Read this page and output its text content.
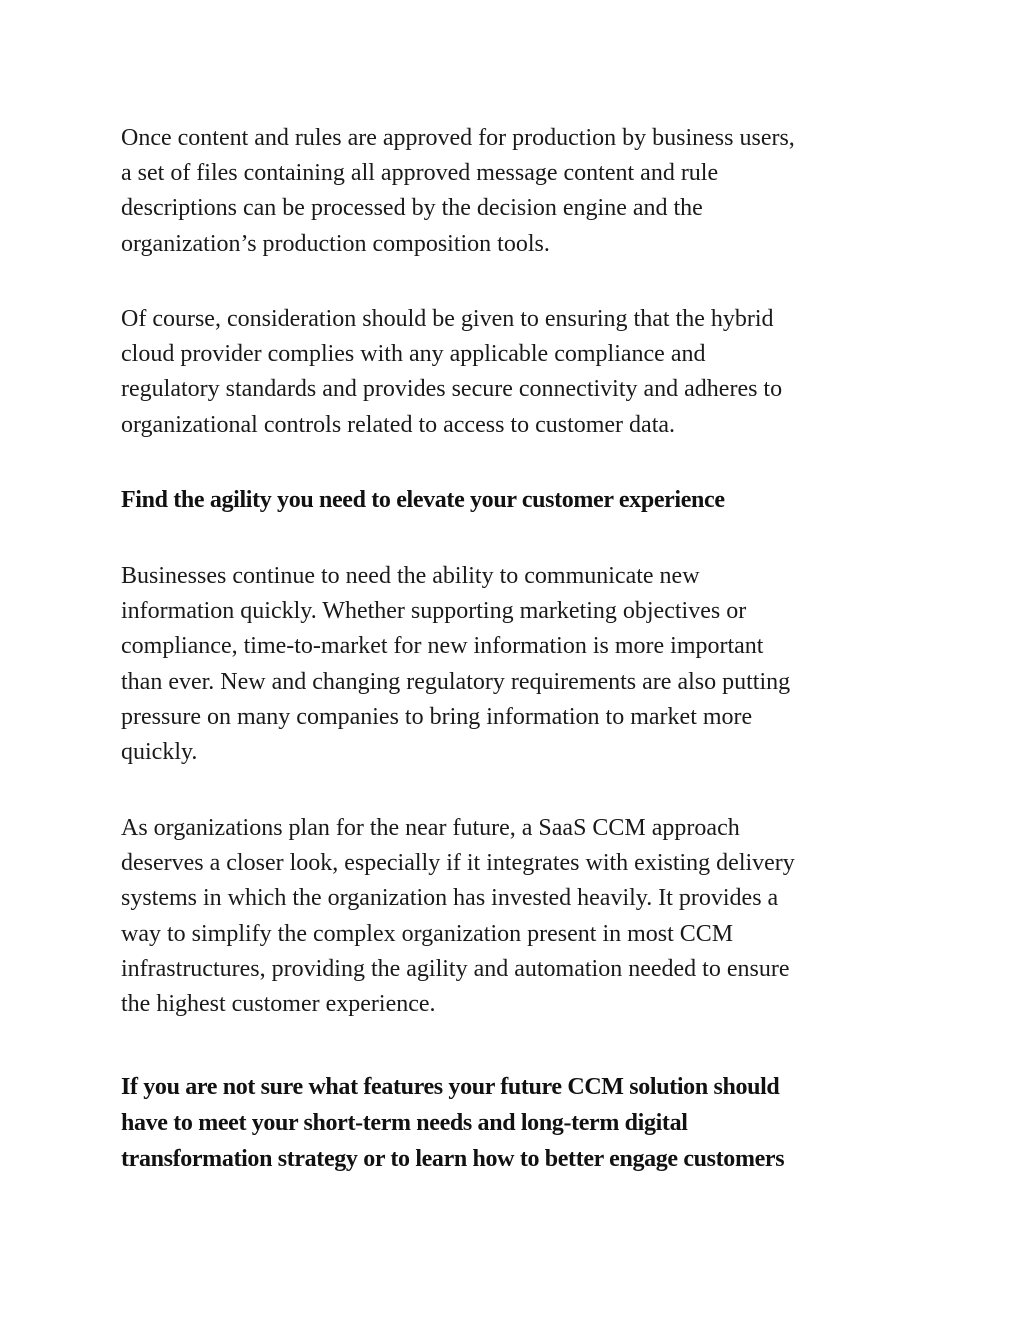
Once content and rules are approved for production by business users,
a set of files containing all approved message content and rule
descriptions can be processed by the decision engine and the
organization’s production composition tools.

Of course, consideration should be given to ensuring that the hybrid
cloud provider complies with any applicable compliance and
regulatory standards and provides secure connectivity and adheres to
organizational controls related to access to customer data.

Find the agility you need to elevate your customer experience

Businesses continue to need the ability to communicate new
information quickly. Whether supporting marketing objectives or
compliance, time-to-market for new information is more important
than ever. New and changing regulatory requirements are also putting
pressure on many companies to bring information to market more
quickly.

As organizations plan for the near future, a SaaS CCM approach
deserves a closer look, especially if it integrates with existing delivery
systems in which the organization has invested heavily. It provides a
way to simplify the complex organization present in most CCM
infrastructures, providing the agility and automation needed to ensure
the highest customer experience.

If you are not sure what features your future CCM solution should
have to meet your short-term needs and long-term digital
transformation strategy or to learn how to better engage customers
